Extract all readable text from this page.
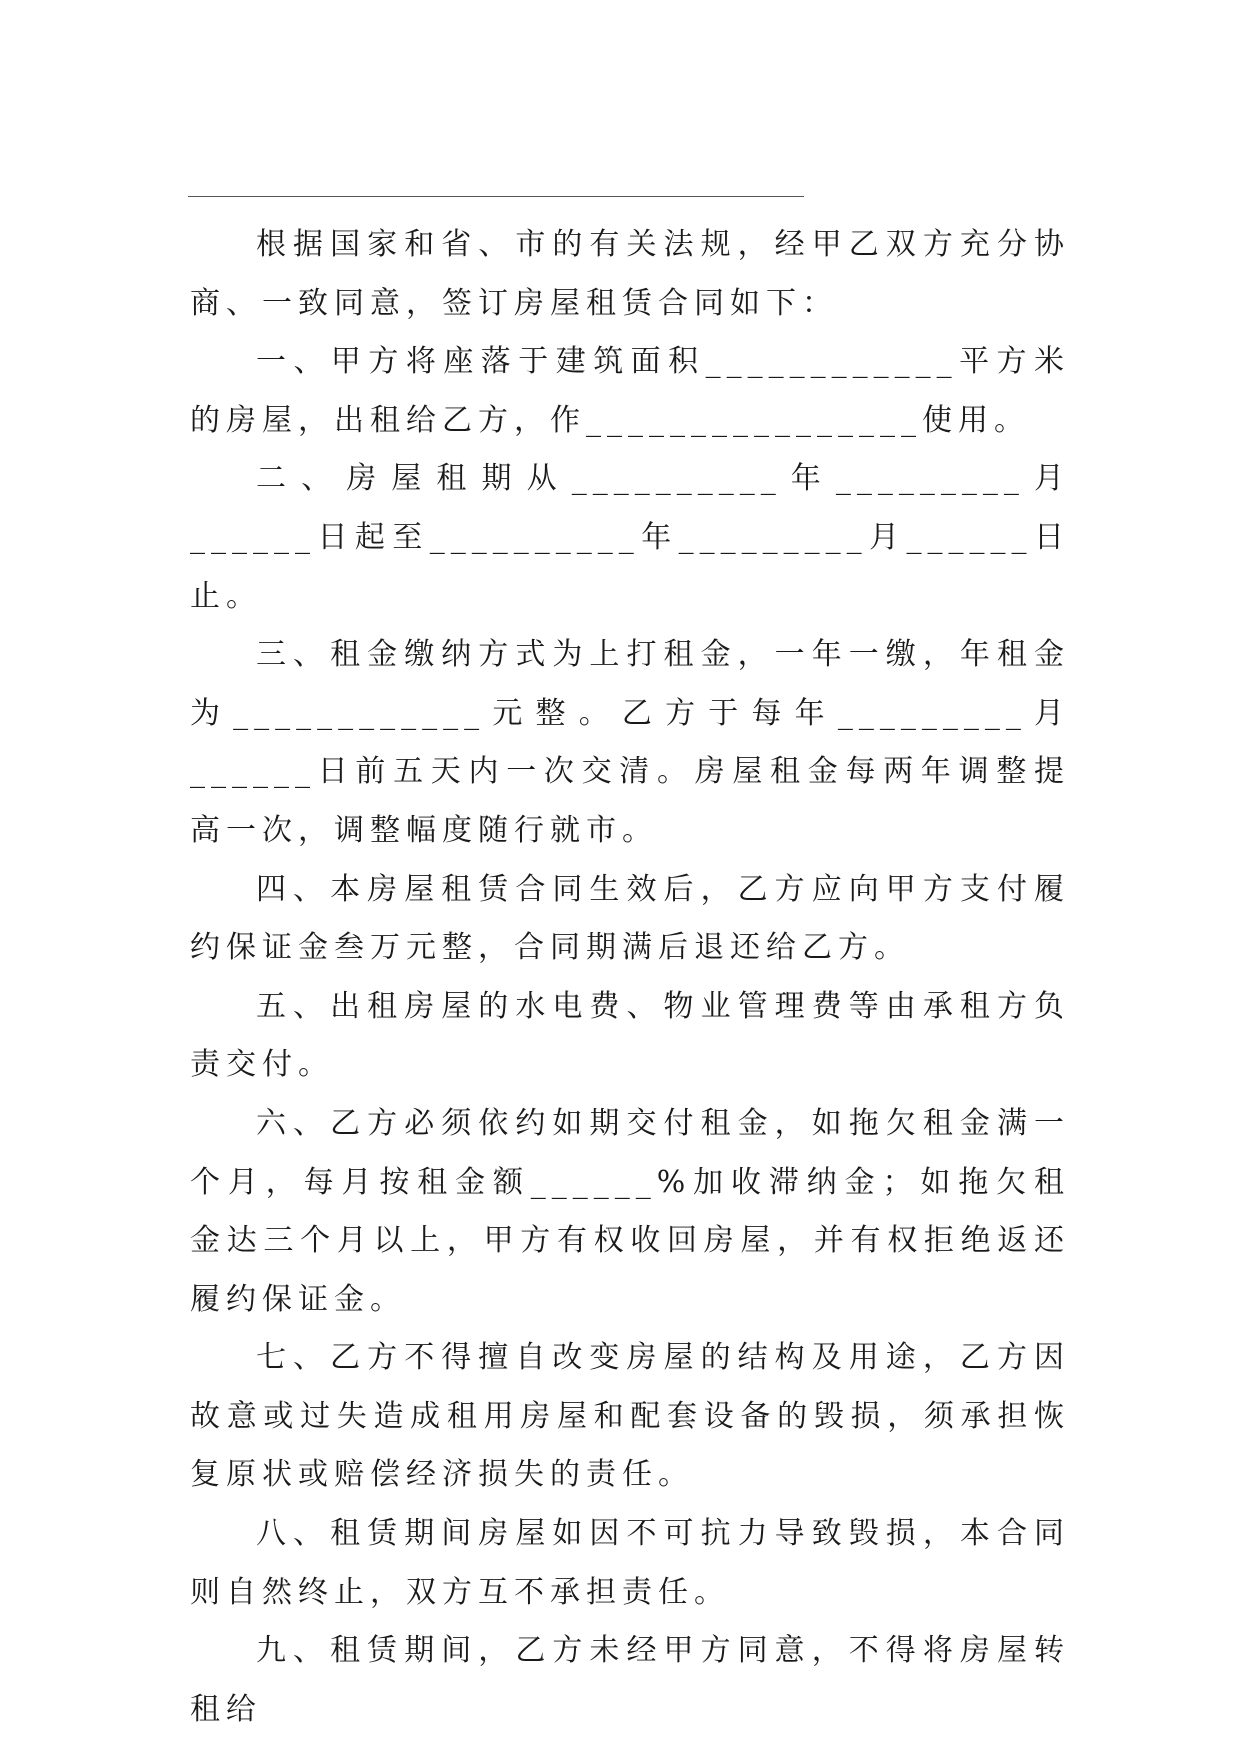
根据国家和省、市的有关法规，经甲乙双方充分协商、一致同意，签订房屋租赁合同如下：

一、甲方将座落于建筑面积____________平方米的房屋，出租给乙方，作________________使用。

二、房屋租期从__________年_________月______日起至__________年_________月______日止。

三、租金缴纳方式为上打租金，一年一缴，年租金为____________元整。乙方于每年_________月______日前五天内一次交清。房屋租金每两年调整提高一次，调整幅度随行就市。

四、本房屋租赁合同生效后，乙方应向甲方支付履约保证金叁万元整，合同期满后退还给乙方。

五、出租房屋的水电费、物业管理费等由承租方负责交付。

六、乙方必须依约如期交付租金，如拖欠租金满一个月，每月按租金额______%加收滞纳金；如拖欠租金达三个月以上，甲方有权收回房屋，并有权拒绝返还履约保证金。

七、乙方不得擅自改变房屋的结构及用途，乙方因故意或过失造成租用房屋和配套设备的毁损，须承担恢复原状或赔偿经济损失的责任。

八、租赁期间房屋如因不可抗力导致毁损，本合同则自然终止，双方互不承担责任。

九、租赁期间，乙方未经甲方同意，不得将房屋转租给
